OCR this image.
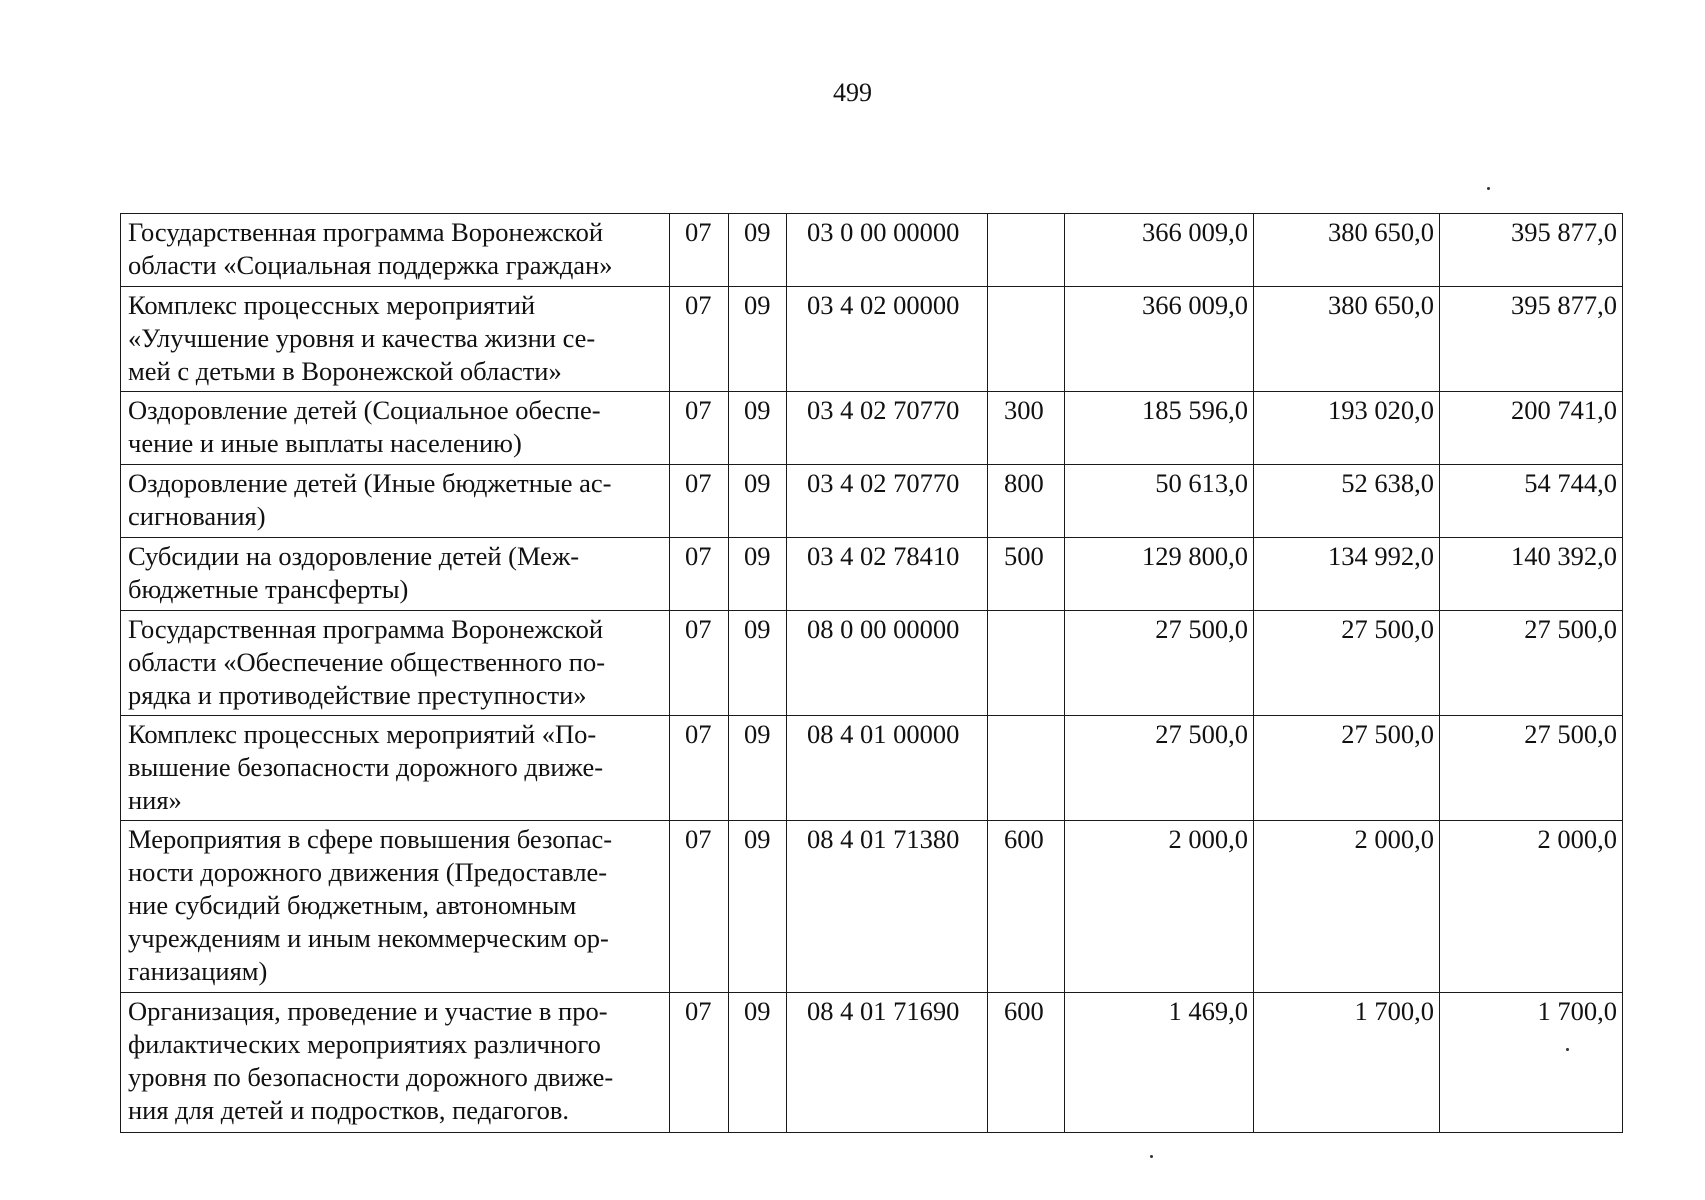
499
Государственная программа Воронежской
области «Социальная поддержка граждан»	07	09	03 0 00 00000		366 009,0	380 650,0	395 877,0

Комплекс процессных мероприятий
«Улучшение уровня и качества жизни се-
мей с детьми в Воронежской области»	07	09	03 4 02 00000		366 009,0	380 650,0	395 877,0

Оздоровление детей (Социальное обеспе-
чение и иные выплаты населению)	07	09	03 4 02 70770	300	185 596,0	193 020,0	200 741,0

Оздоровление детей (Иные бюджетные ас-
сигнования)	07	09	03 4 02 70770	800	50 613,0	52 638,0	54 744,0

Субсидии на оздоровление детей (Меж-
бюджетные трансферты)	07	09	03 4 02 78410	500	129 800,0	134 992,0	140 392,0

Государственная программа Воронежской
области «Обеспечение общественного по-
рядка и противодействие преступности»	07	09	08 0 00 00000		27 500,0	27 500,0	27 500,0

Комплекс процессных мероприятий «По-
вышение безопасности дорожного движе-
ния»	07	09	08 4 01 00000		27 500,0	27 500,0	27 500,0

Мероприятия в сфере повышения безопас-
ности дорожного движения (Предоставле-
ние субсидий бюджетным, автономным
учреждениям и иным некоммерческим ор-
ганизациям)	07	09	08 4 01 71380	600	2 000,0	2 000,0	2 000,0

Организация, проведение и участие в про-
филактических мероприятиях различного
уровня по безопасности дорожного движе-
ния для детей и подростков, педагогов.	07	09	08 4 01 71690	600	1 469,0	1 700,0	1 700,0
